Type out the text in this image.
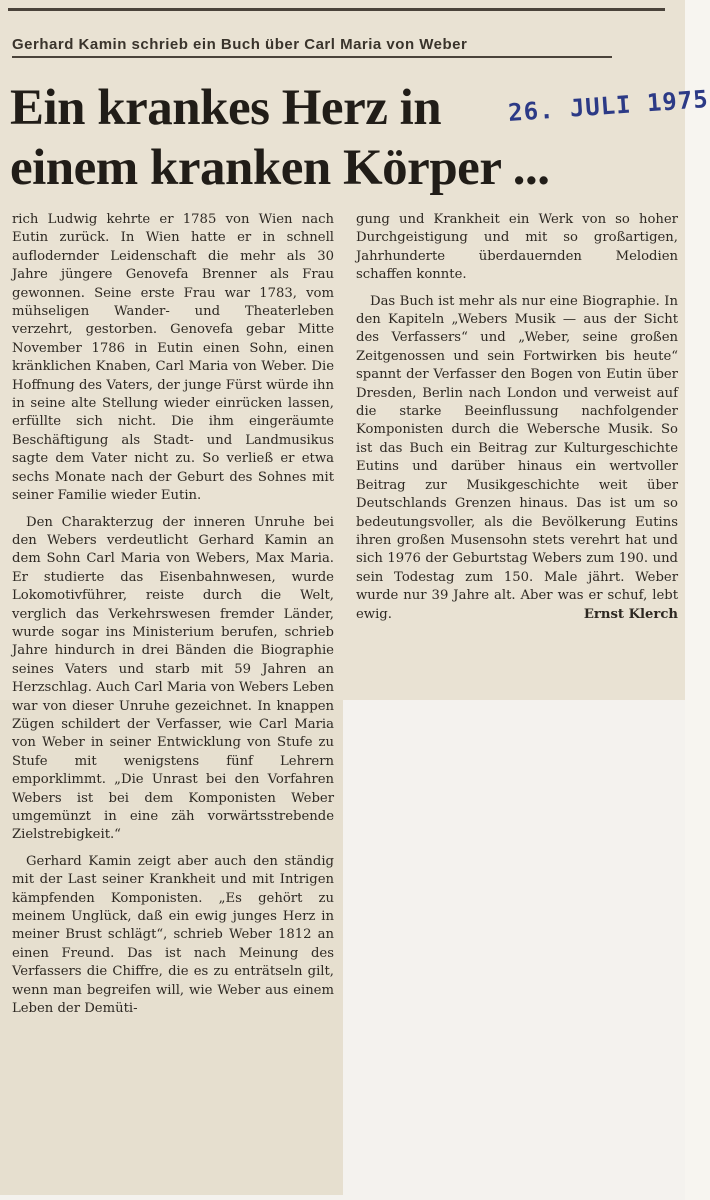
Gerhard Kamin schrieb ein Buch über Carl Maria von Weber
Ein krankes Herz in
einem kranken Körper ...
26. JULI 1975

rich Ludwig kehrte er 1785 von Wien nach Eutin zurück. In Wien hatte er in schnell auflodernder Leidenschaft die mehr als 30 Jahre jüngere Genovefa Brenner als Frau gewonnen. Seine erste Frau war 1783, vom mühseligen Wander- und Theaterleben verzehrt, gestorben. Genovefa gebar Mitte November 1786 in Eutin einen Sohn, einen kränklichen Knaben, Carl Maria von Weber. Die Hoffnung des Vaters, der junge Fürst würde ihn in seine alte Stellung wieder einrücken lassen, erfüllte sich nicht. Die ihm eingeräumte Beschäftigung als Stadt- und Landmusikus sagte dem Vater nicht zu. So verließ er etwa sechs Monate nach der Geburt des Sohnes mit seiner Familie wieder Eutin.

Den Charakterzug der inneren Unruhe bei den Webers verdeutlicht Gerhard Kamin an dem Sohn Carl Maria von Webers, Max Maria. Er studierte das Eisenbahnwesen, wurde Lokomotivführer, reiste durch die Welt, verglich das Verkehrswesen fremder Länder, wurde sogar ins Ministerium berufen, schrieb Jahre hindurch in drei Bänden die Biographie seines Vaters und starb mit 59 Jahren an Herzschlag. Auch Carl Maria von Webers Leben war von dieser Unruhe gezeichnet. In knappen Zügen schildert der Verfasser, wie Carl Maria von Weber in seiner Entwicklung von Stufe zu Stufe mit wenigstens fünf Lehrern emporklimmt. „Die Unrast bei den Vorfahren Webers ist bei dem Komponisten Weber umgemünzt in eine zäh vorwärtsstrebende Zielstrebigkeit.“

Gerhard Kamin zeigt aber auch den ständig mit der Last seiner Krankheit und mit Intrigen kämpfenden Komponisten. „Es gehört zu meinem Unglück, daß ein ewig junges Herz in meiner Brust schlägt“, schrieb Weber 1812 an einen Freund. Das ist nach Meinung des Verfassers die Chiffre, die es zu enträtseln gilt, wenn man begreifen will, wie Weber aus einem Leben der Demüti-

gung und Krankheit ein Werk von so hoher Durchgeistigung und mit so großartigen, Jahrhunderte überdauernden Melodien schaffen konnte.

Das Buch ist mehr als nur eine Biographie. In den Kapiteln „Webers Musik — aus der Sicht des Verfassers“ und „Weber, seine großen Zeitgenossen und sein Fortwirken bis heute“ spannt der Verfasser den Bogen von Eutin über Dresden, Berlin nach London und verweist auf die starke Beeinflussung nachfolgender Komponisten durch die Webersche Musik. So ist das Buch ein Beitrag zur Kulturgeschichte Eutins und darüber hinaus ein wertvoller Beitrag zur Musikgeschichte weit über Deutschlands Grenzen hinaus. Das ist um so bedeutungsvoller, als die Bevölkerung Eutins ihren großen Musensohn stets verehrt hat und sich 1976 der Geburtstag Webers zum 190. und sein Todestag zum 150. Male jährt. Weber wurde nur 39 Jahre alt. Aber was er schuf, lebt ewig.	Ernst Klerch
